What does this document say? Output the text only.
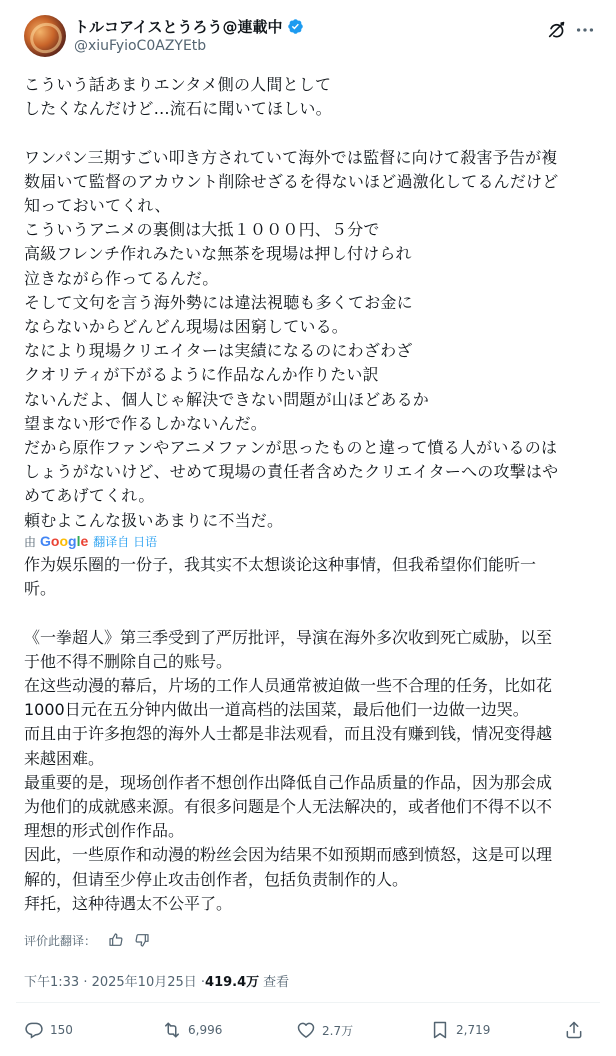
トルコアイスとうろう@連載中
@xiuFyioC0AZYEtb
こういう話あまりエンタメ側の人間として
したくなんだけど…流石に聞いてほしい。

ワンパン三期すごい叩き方されていて海外では監督に向けて殺害予告が複
数届いて監督のアカウント削除せざるを得ないほど過激化してるんだけど
知っておいてくれ、
こういうアニメの裏側は大抵１０００円、５分で
高級フレンチ作れみたいな無茶を現場は押し付けられ
泣きながら作ってるんだ。
そして文句を言う海外勢には違法視聴も多くてお金に
ならないからどんどん現場は困窮している。
なにより現場クリエイターは実績になるのにわざわざ
クオリティが下がるように作品なんか作りたい訳
ないんだよ、個人じゃ解決できない問題が山ほどあるか
望まない形で作るしかないんだ。
だから原作ファンやアニメファンが思ったものと違って憤る人がいるのは
しょうがないけど、せめて現場の責任者含めたクリエイターへの攻撃はや
めてあげてくれ。
頼むよこんな扱いあまりに不当だ。
由 Google 翻译自 日语
作为娱乐圈的一份子，我其实不太想谈论这种事情，但我希望你们能听一
听。

《一拳超人》第三季受到了严厉批评，导演在海外多次收到死亡威胁，以至
于他不得不删除自己的账号。
在这些动漫的幕后，片场的工作人员通常被迫做一些不合理的任务，比如花
1000日元在五分钟内做出一道高档的法国菜，最后他们一边做一边哭。
而且由于许多抱怨的海外人士都是非法观看，而且没有赚到钱，情况变得越
来越困难。
最重要的是，现场创作者不想创作出降低自己作品质量的作品，因为那会成
为他们的成就感来源。有很多问题是个人无法解决的，或者他们不得不以不
理想的形式创作作品。
因此，一些原作和动漫的粉丝会因为结果不如预期而感到愤怒，这是可以理
解的，但请至少停止攻击创作者，包括负责制作的人。
拜托，这种待遇太不公平了。
评价此翻译：
下午1:33 · 2025年10月25日 · 419.4万 查看
150	6,996	2.7万	2,719
